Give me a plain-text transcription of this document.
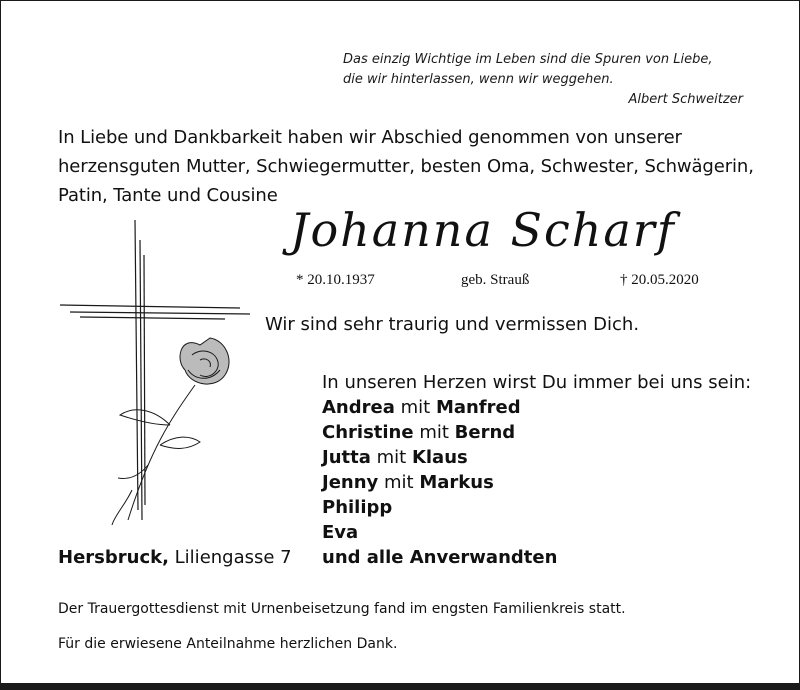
Das einzig Wichtige im Leben sind die Spuren von Liebe,
die wir hinterlassen, wenn wir weggehen.
Albert Schweitzer
In Liebe und Dankbarkeit haben wir Abschied genommen von unserer
herzensguten Mutter, Schwiegermutter, besten Oma, Schwester, Schwägerin,
Patin, Tante und Cousine
Johanna Scharf
* 20.10.1937	geb. Strauß	† 20.05.2020
Wir sind sehr traurig und vermissen Dich.
In unseren Herzen wirst Du immer bei uns sein:
Andrea mit Manfred
Christine mit Bernd
Jutta mit Klaus
Jenny mit Markus
Philipp
Eva
und alle Anverwandten
Hersbruck, Liliengasse 7
Der Trauergottesdienst mit Urnenbeisetzung fand im engsten Familienkreis statt.
Für die erwiesene Anteilnahme herzlichen Dank.
